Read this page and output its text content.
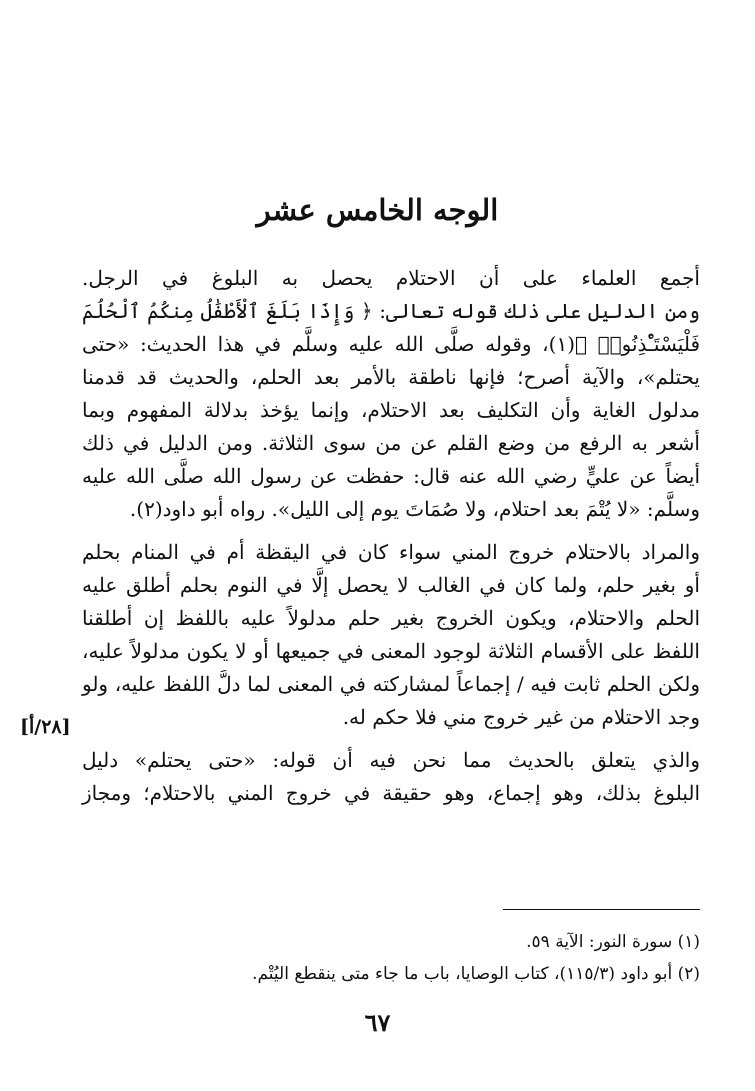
الوجه الخامس عشر
أجمع العلماء على أن الاحتلام يحصل به البلوغ في الرجل.
ومن الدليل على ذلك قوله تعالى: ﴿ وَإِذَا بَلَغَ ٱلْأَطْفَٰلُ مِنكُمُ ٱلْحُلُمَ
فَلْيَسْتَـْٔذِنُوا۟ ﴾(١)، وقوله صلَّى الله عليه وسلَّم في هذا الحديث: «حتى
يحتلم»، والآية أصرح؛ فإنها ناطقة بالأمر بعد الحلم، والحديث قد قدمنا
مدلول الغاية وأن التكليف بعد الاحتلام، وإنما يؤخذ بدلالة المفهوم وبما
أشعر به الرفع من وضع القلم عن من سوى الثلاثة. ومن الدليل في ذلك
أيضاً عن عليٍّ رضي الله عنه قال: حفظت عن رسول الله صلَّى الله عليه
وسلَّم: «لا يُتْمَ بعد احتلام، ولا صُمَاتَ يوم إلى الليل». رواه أبو داود(٢).
والمراد بالاحتلام خروج المني سواء كان في اليقظة أم في المنام بحلم
أو بغير حلم، ولما كان في الغالب لا يحصل إلَّا في النوم بحلم أطلق عليه
الحلم والاحتلام، ويكون الخروج بغير حلم مدلولاً عليه باللفظ إن أطلقنا
اللفظ على الأقسام الثلاثة لوجود المعنى في جميعها أو لا يكون مدلولاً عليه،
ولكن الحلم ثابت فيه / إجماعاً لمشاركته في المعنى لما دلَّ اللفظ عليه، ولو
وجد الاحتلام من غير خروج مني فلا حكم له.
والذي يتعلق بالحديث مما نحن فيه أن قوله: «حتى يحتلم» دليل
البلوغ بذلك، وهو إجماع، وهو حقيقة في خروج المني بالاحتلام؛ ومجاز
[٢٨/أ]
(١) سورة النور: الآية ٥٩.
(٢) أبو داود (١١٥/٣)، كتاب الوصايا، باب ما جاء متى ينقطع اليُتْم.
٦٧
